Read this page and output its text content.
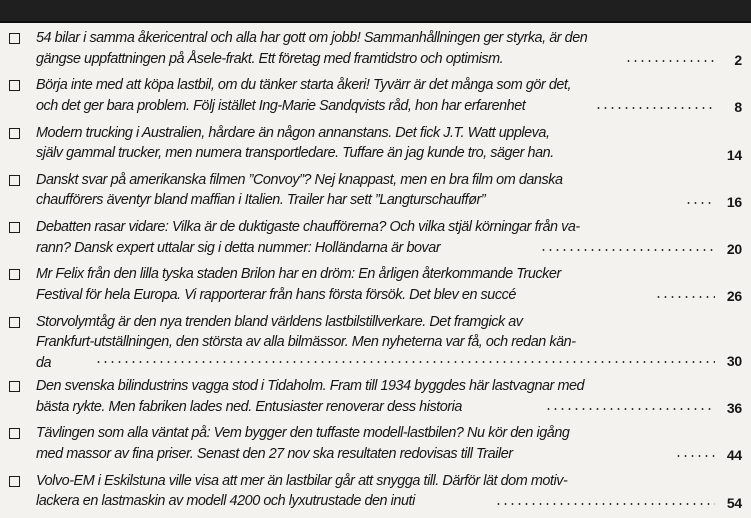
54 bilar i samma åkericentral och alla har gott om jobb! Sammanhållningen ger styrka, är den
gängse uppfattningen på Åsele-frakt. Ett företag med framtidstro och optimism.	2
Börja inte med att köpa lastbil, om du tänker starta åkeri! Tyvärr är det många som gör det,
och det ger bara problem. Följ istället Ing-Marie Sandqvists råd, hon har erfarenhet	8
Modern trucking i Australien, hårdare än någon annanstans. Det fick J.T. Watt uppleva,
själv gammal trucker, men numera transportledare. Tuffare än jag kunde tro, säger han.	14
Danskt svar på amerikanska filmen ”Convoy”? Nej knappast, men en bra film om danska
chaufförers äventyr bland maffian i Italien. Trailer har sett ”Langturschauffør”	16
Debatten rasar vidare: Vilka är de duktigaste chaufförerna? Och vilka stjäl körningar från va-
rann? Dansk expert uttalar sig i detta nummer: Holländarna är bovar	20
Mr Felix från den lilla tyska staden Brilon har en dröm: En årligen återkommande Trucker
Festival för hela Europa. Vi rapporterar från hans första försök. Det blev en succé	26
Storvolymtåg är den nya trenden bland världens lastbilstillverkare. Det framgick av
Frankfurt-utställningen, den största av alla bilmässor. Men nyheterna var få, och redan kän-
da	30
Den svenska bilindustrins vagga stod i Tidaholm. Fram till 1934 byggdes här lastvagnar med
bästa rykte. Men fabriken lades ned. Entusiaster renoverar dess historia	36
Tävlingen som alla väntat på: Vem bygger den tuffaste modell-lastbilen? Nu kör den igång
med massor av fina priser. Senast den 27 nov ska resultaten redovisas till Trailer	44
Volvo-EM i Eskilstuna ville visa att mer än lastbilar går att snygga till. Därför lät dom motiv-
lackera en lastmaskin av modell 4200 och lyxutrustade den inuti	54
